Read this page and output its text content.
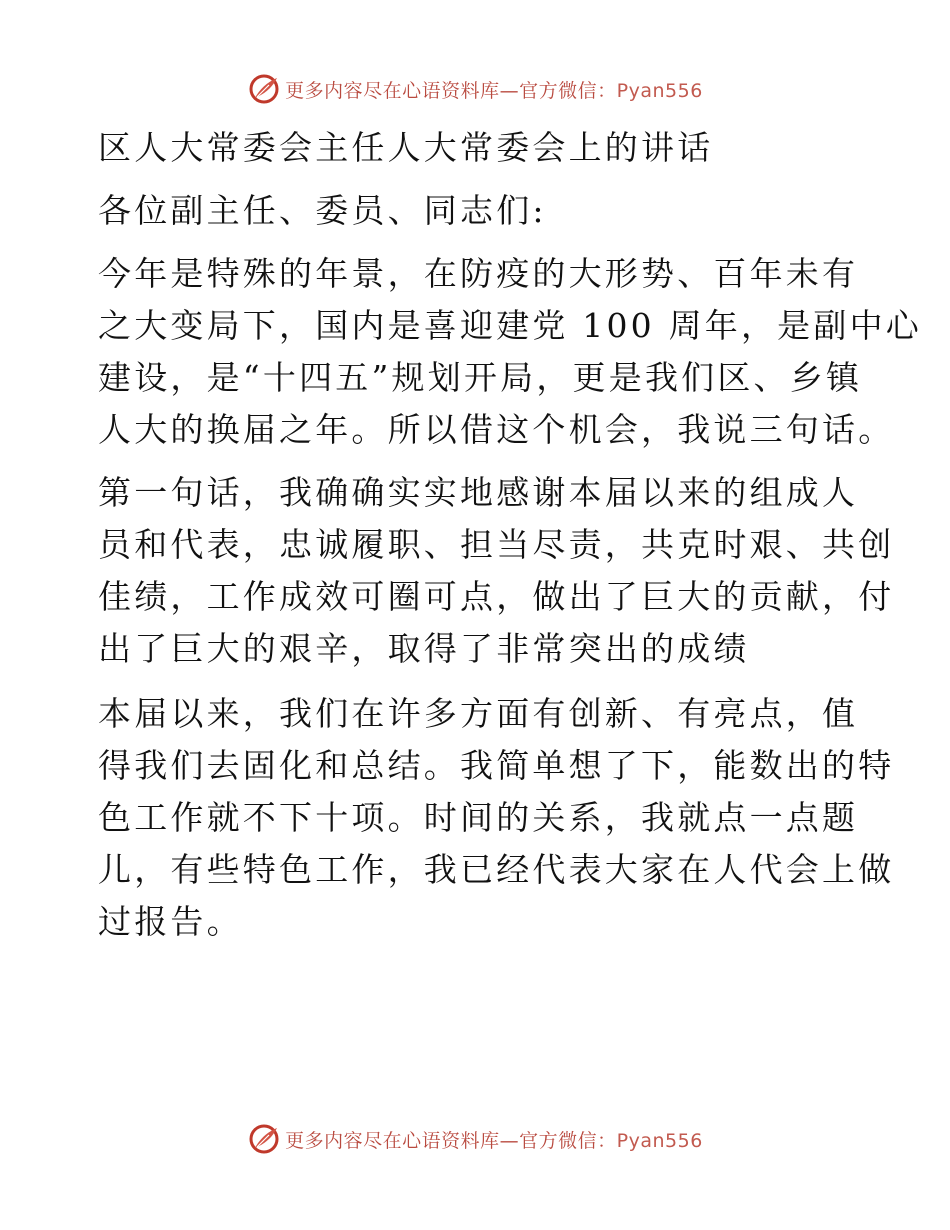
更多内容尽在心语资料库—官方微信：Pyan556
区人大常委会主任人大常委会上的讲话
各位副主任、委员、同志们:
今年是特殊的年景，在防疫的大形势、百年未有
之大变局下，国内是喜迎建党 100 周年，是副中心
建设，是“十四五”规划开局，更是我们区、乡镇
人大的换届之年。所以借这个机会，我说三句话。
第一句话，我确确实实地感谢本届以来的组成人
员和代表，忠诚履职、担当尽责，共克时艰、共创
佳绩，工作成效可圈可点，做出了巨大的贡献，付
出了巨大的艰辛，取得了非常突出的成绩
本届以来，我们在许多方面有创新、有亮点，值
得我们去固化和总结。我简单想了下，能数出的特
色工作就不下十项。时间的关系，我就点一点题
儿，有些特色工作，我已经代表大家在人代会上做
过报告。
更多内容尽在心语资料库—官方微信：Pyan556
